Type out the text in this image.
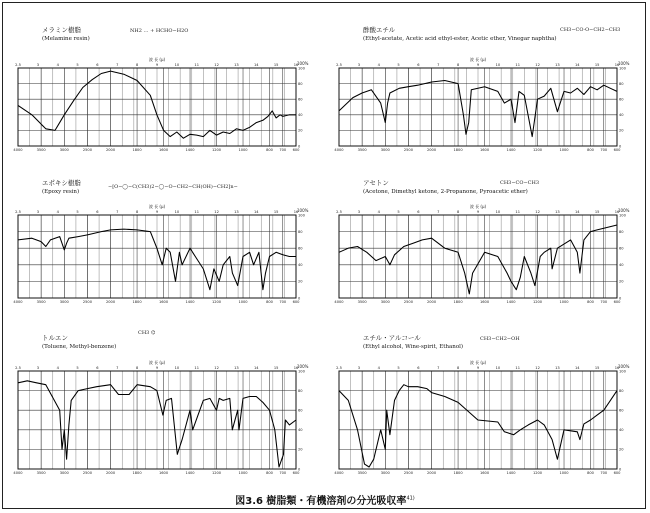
メラミン樹脂
(Melamine resin)
NH2 … + HCHO−H2O
4000	3500	3000	2500	2000	1800	1600	1400	1200	1000	800 700 600
2.5	3	4	5	6	7	8	9	10	11	12	13	14	15	16
波 長 (μ)
100
80
60
40
20
0
100%
酢酸エチル
(Ethyl-acetate, Acetic acid ethyl-ester, Acetic ether, Vinegar naphtha)
CH3−CO·O−CH2−CH3
4000	3500	3000	2500	2000	1800	1600	1400	1200	1000	800 700 600
2.5	3	4	5	6	7	8	9	10	11	12	13	14	15	16
波 長 (μ)
100
80
60
40
20
0
100%
エポキシ樹脂
(Epoxy resin)
−[O−◯−C(CH3)2−◯−O−CH2−CH(OH)−CH2]n−
4000	3500	3000	2500	2000	1800	1600	1400	1200	1000	800 700 600
2.5	3	4	5	6	7	8	9	10	11	12	13	14	15	16
波 長 (μ)
100
80
60
40
20
0
100%
アセトン
(Acetone, Dimethyl ketone, 2-Propanone, Pyroacetic ether)
CH3−CO−CH3
4000	3500	3000	2500	2000	1800	1600	1400	1200	1000	800 700 600
2.5	3	4	5	6	7	8	9	10	11	12	13	14	15	16
波 長 (μ)
100
80
60
40
20
0
100%
トルエン
(Toluene, Methyl-benzene)
CH3 ⌬
4000	3500	3000	2500	2000	1800	1600	1400	1200	1000	800 700 600
2.5	3	4	5	6	7	8	9	10	11	12	13	14	15	16
波 長 (μ)
100
80
60
40
20
0
100%
エチル・アルコール
(Ethyl alcohol, Wine-spirit, Ethanol)
CH3−CH2−OH
4000	3500	3000	2500	2000	1800	1600	1400	1200	1000	800 700 600
2.5	3	4	5	6	7	8	9	10	11	12	13	14	15	16
波 長 (μ)
100
80
60
40
20
0
100%
図3.6 樹脂類・有機溶剤の分光吸収率$^{41)}$
